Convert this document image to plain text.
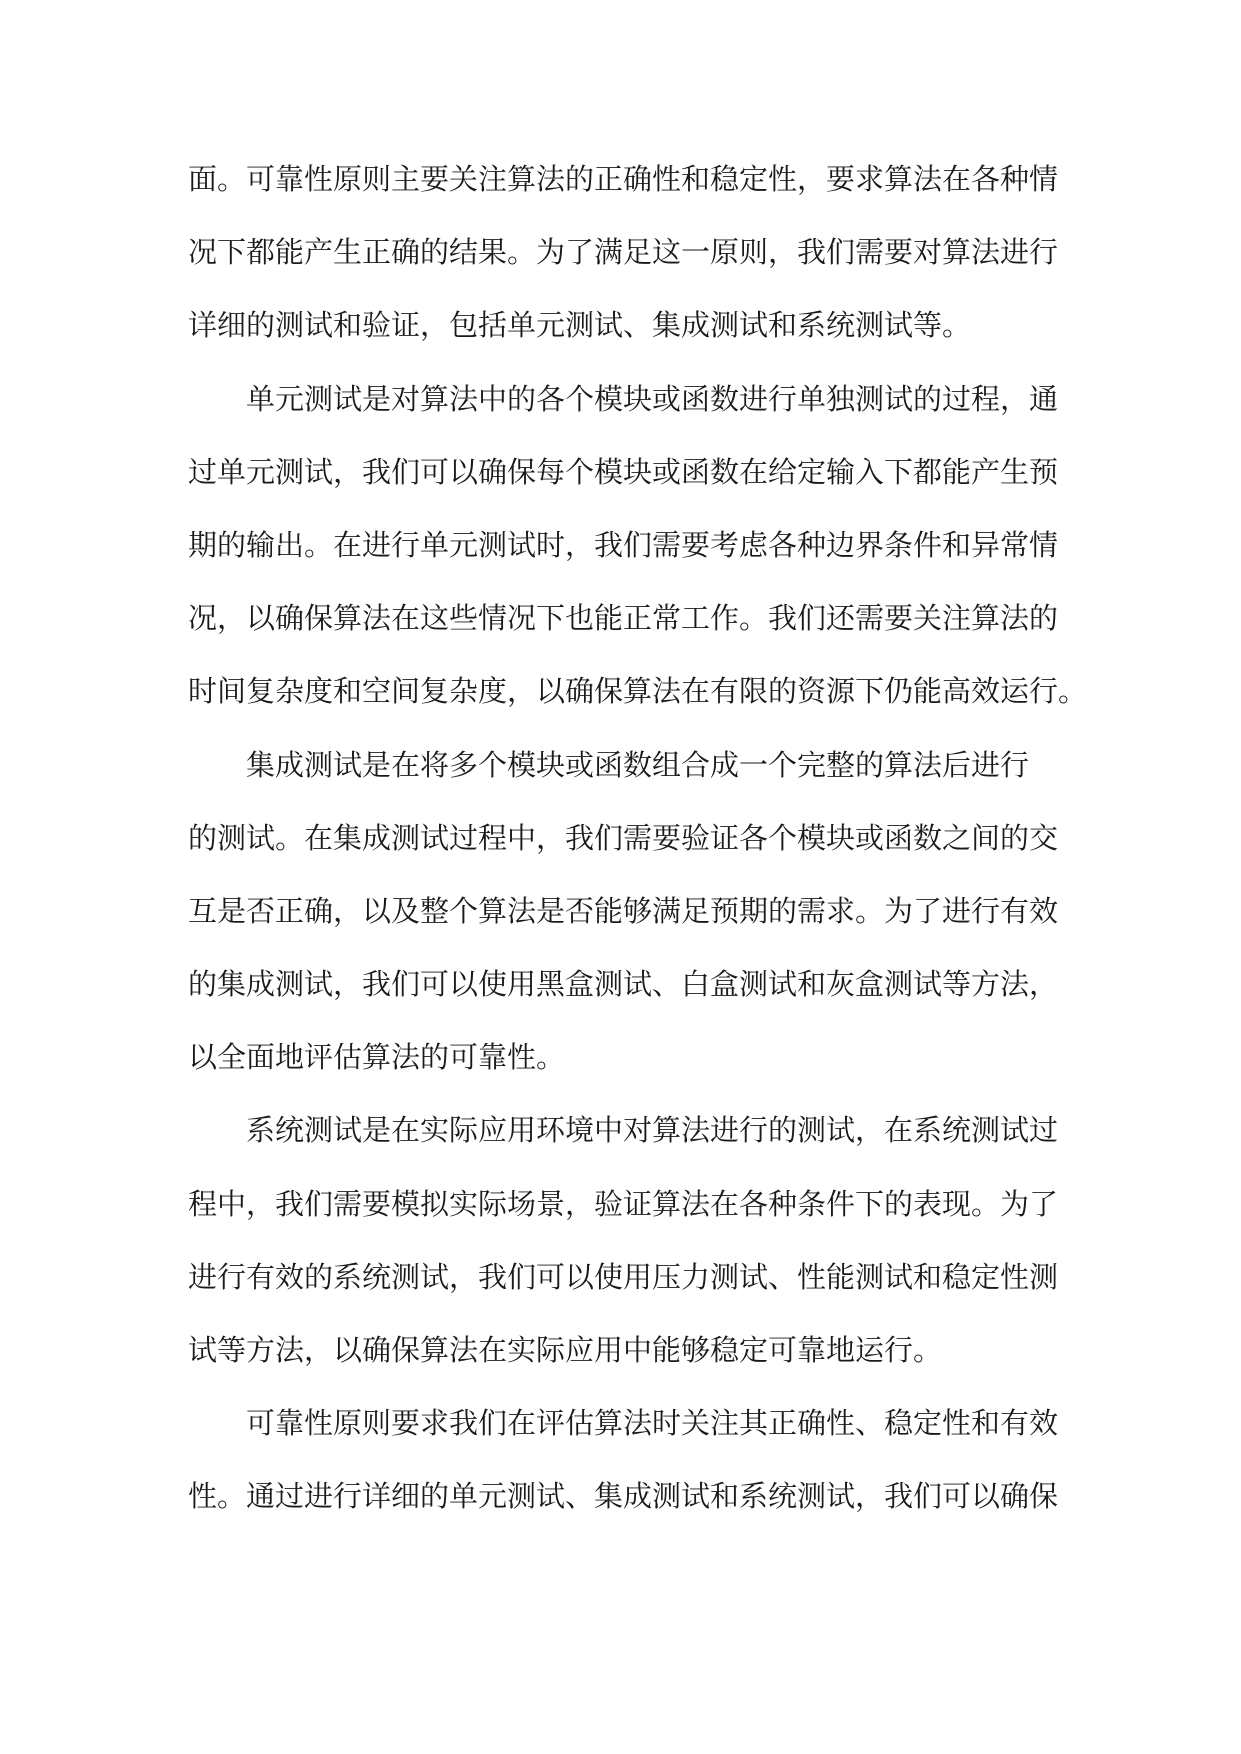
面。可靠性原则主要关注算法的正确性和稳定性，要求算法在各种情
况下都能产生正确的结果。为了满足这一原则，我们需要对算法进行
详细的测试和验证，包括单元测试、集成测试和系统测试等。
单元测试是对算法中的各个模块或函数进行单独测试的过程，通
过单元测试，我们可以确保每个模块或函数在给定输入下都能产生预
期的输出。在进行单元测试时，我们需要考虑各种边界条件和异常情
况，以确保算法在这些情况下也能正常工作。我们还需要关注算法的
时间复杂度和空间复杂度，以确保算法在有限的资源下仍能高效运行。
集成测试是在将多个模块或函数组合成一个完整的算法后进行
的测试。在集成测试过程中，我们需要验证各个模块或函数之间的交
互是否正确，以及整个算法是否能够满足预期的需求。为了进行有效
的集成测试，我们可以使用黑盒测试、白盒测试和灰盒测试等方法，
以全面地评估算法的可靠性。
系统测试是在实际应用环境中对算法进行的测试，在系统测试过
程中，我们需要模拟实际场景，验证算法在各种条件下的表现。为了
进行有效的系统测试，我们可以使用压力测试、性能测试和稳定性测
试等方法，以确保算法在实际应用中能够稳定可靠地运行。
可靠性原则要求我们在评估算法时关注其正确性、稳定性和有效
性。通过进行详细的单元测试、集成测试和系统测试，我们可以确保
